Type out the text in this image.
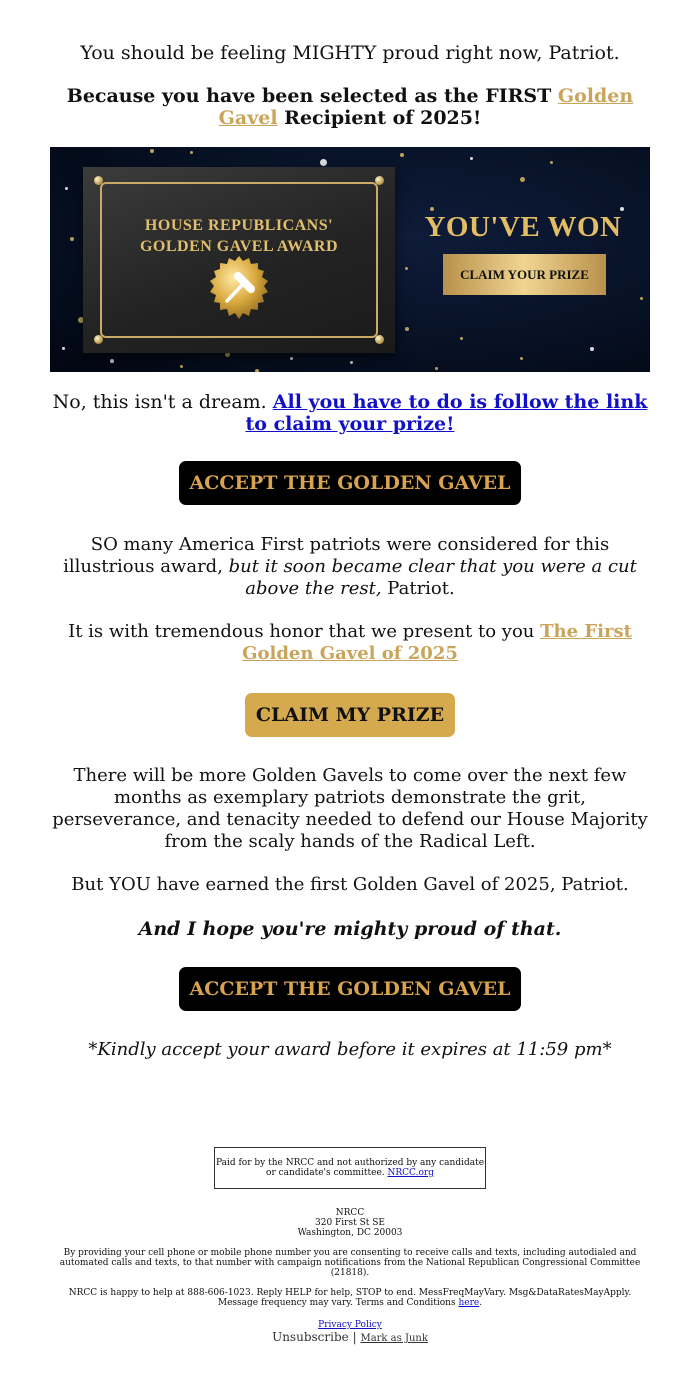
You should be feeling MIGHTY proud right now, Patriot.
Because you have been selected as the FIRST Golden Gavel Recipient of 2025!
HOUSE REPUBLICANS'
GOLDEN GAVEL AWARD
YOU'VE WON
CLAIM YOUR PRIZE
No, this isn't a dream. All you have to do is follow the link to claim your prize!
ACCEPT THE GOLDEN GAVEL
SO many America First patriots were considered for this illustrious award, but it soon became clear that you were a cut above the rest, Patriot.
It is with tremendous honor that we present to you The First Golden Gavel of 2025
CLAIM MY PRIZE
There will be more Golden Gavels to come over the next few months as exemplary patriots demonstrate the grit, perseverance, and tenacity needed to defend our House Majority from the scaly hands of the Radical Left.
But YOU have earned the first Golden Gavel of 2025, Patriot.
And I hope you're mighty proud of that.
ACCEPT THE GOLDEN GAVEL
*Kindly accept your award before it expires at 11:59 pm*
Paid for by the NRCC and not authorized by any candidate or candidate's committee. NRCC.org
NRCC
320 First St SE
Washington, DC 20003
By providing your cell phone or mobile phone number you are consenting to receive calls and texts, including autodialed and automated calls and texts, to that number with campaign notifications from the National Republican Congressional Committee (21818).
NRCC is happy to help at 888-606-1023. Reply HELP for help, STOP to end. MessFreqMayVary. Msg&DataRatesMayApply. Message frequency may vary. Terms and Conditions here.
Privacy Policy
Unsubscribe | Mark as Junk
